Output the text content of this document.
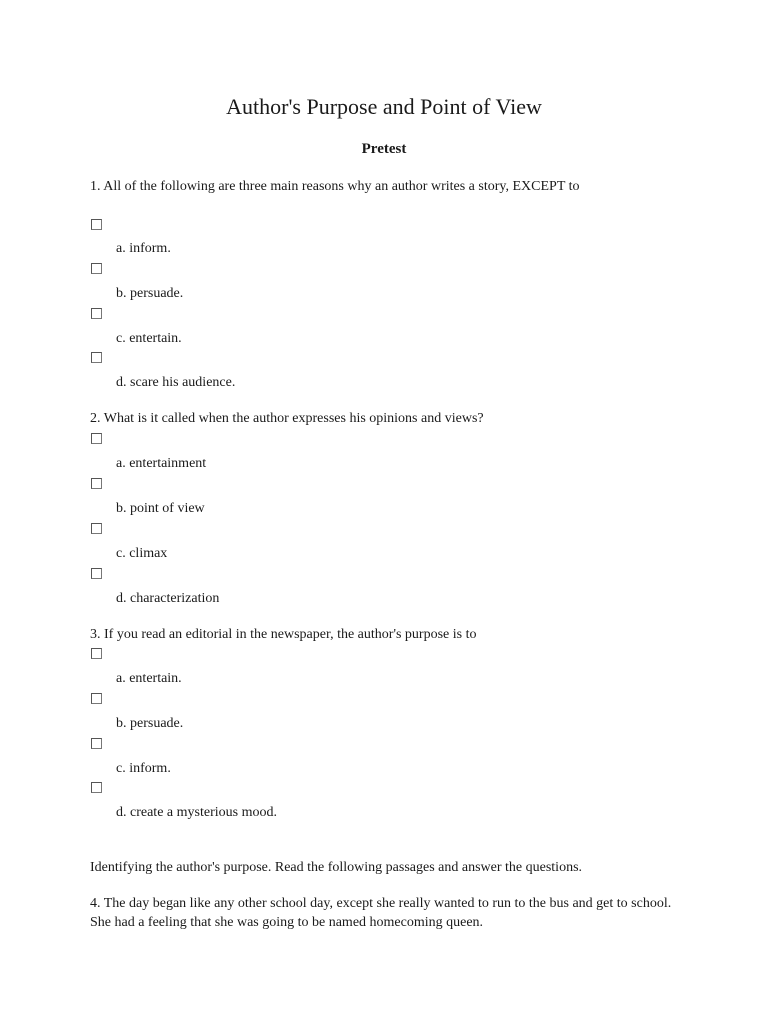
Author's Purpose and Point of View
Pretest

1. All of the following are three main reasons why an author writes a story, EXCEPT to

a. inform.

b. persuade.

c. entertain.

d. scare his audience.

2. What is it called when the author expresses his opinions and views?

a. entertainment

b. point of view

c. climax

d. characterization

3. If you read an editorial in the newspaper, the author's purpose is to

a. entertain.

b. persuade.

c. inform.

d. create a mysterious mood.

Identifying the author's purpose. Read the following passages and answer the questions.

4. The day began like any other school day, except she really wanted to run to the bus and get to school. She had a feeling that she was going to be named homecoming queen.
